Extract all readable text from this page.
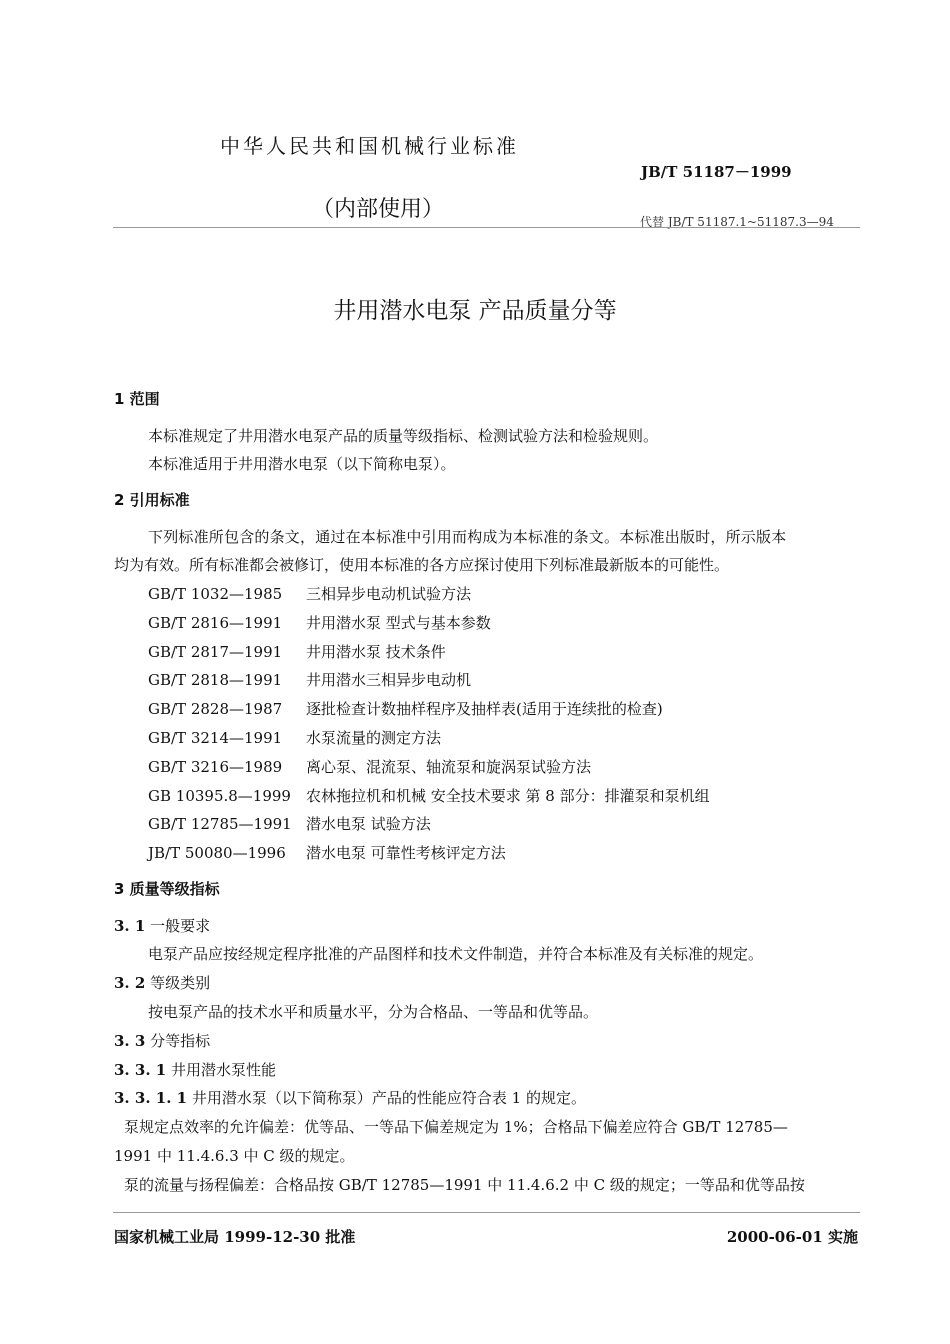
中华人民共和国机械行业标准
JB/T 51187－1999
（内部使用）	代替 JB/T 51187.1~51187.3—94
井用潜水电泵 产品质量分等
1 范围
本标准规定了井用潜水电泵产品的质量等级指标、检测试验方法和检验规则。
本标准适用于井用潜水电泵（以下简称电泵）。
2 引用标准
下列标准所包含的条文，通过在本标准中引用而构成为本标准的条文。本标准出版时，所示版本
均为有效。所有标准都会被修订，使用本标准的各方应探讨使用下列标准最新版本的可能性。
GB/T 1032—1985 三相异步电动机试验方法
GB/T 2816—1991 井用潜水泵 型式与基本参数
GB/T 2817—1991 井用潜水泵 技术条件
GB/T 2818—1991 井用潜水三相异步电动机
GB/T 2828—1987 逐批检查计数抽样程序及抽样表(适用于连续批的检查)
GB/T 3214—1991 水泵流量的测定方法
GB/T 3216—1989 离心泵、混流泵、轴流泵和旋涡泵试验方法
GB 10395.8—1999 农林拖拉机和机械 安全技术要求 第 8 部分：排灌泵和泵机组
GB/T 12785—1991 潜水电泵 试验方法
JB/T 50080—1996 潜水电泵 可靠性考核评定方法
3 质量等级指标
3. 1 一般要求
电泵产品应按经规定程序批准的产品图样和技术文件制造，并符合本标准及有关标准的规定。
3. 2 等级类别
按电泵产品的技术水平和质量水平，分为合格品、一等品和优等品。
3. 3 分等指标
3. 3. 1 井用潜水泵性能
3. 3. 1. 1 井用潜水泵（以下简称泵）产品的性能应符合表 1 的规定。
泵规定点效率的允许偏差：优等品、一等品下偏差规定为 1%；合格品下偏差应符合 GB/T 12785—
1991 中 11.4.6.3 中 C 级的规定。
泵的流量与扬程偏差：合格品按 GB/T 12785—1991 中 11.4.6.2 中 C 级的规定；一等品和优等品按
国家机械工业局 1999-12-30 批准	2000-06-01 实施
